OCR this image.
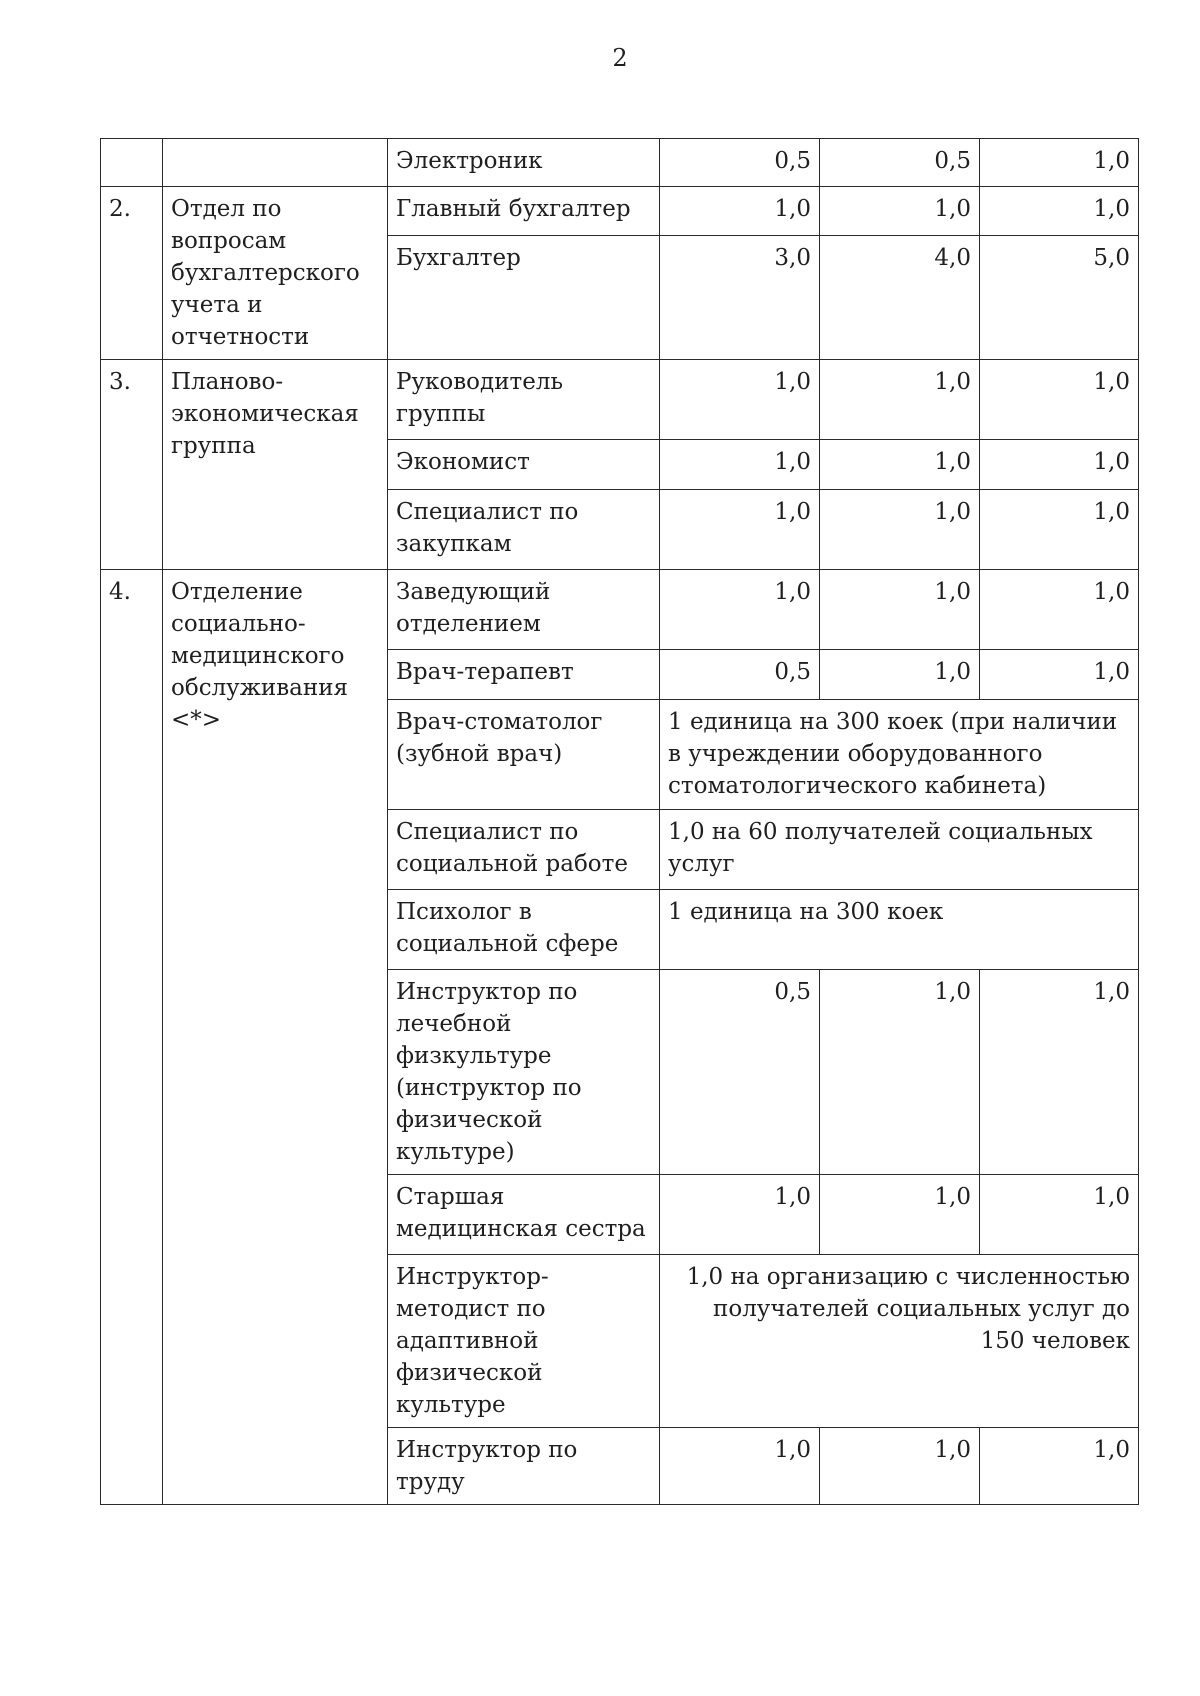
2
		Электроник	0,5	0,5	1,0
2.	Отдел по вопросам бухгалтерского учета и отчетности	Главный бухгалтер	1,0	1,0	1,0
		Бухгалтер	3,0	4,0	5,0
3.	Планово-экономическая группа	Руководитель группы	1,0	1,0	1,0
		Экономист	1,0	1,0	1,0
		Специалист по закупкам	1,0	1,0	1,0
4.	Отделение социально-медицинского обслуживания <*>	Заведующий отделением	1,0	1,0	1,0
		Врач-терапевт	0,5	1,0	1,0
		Врач-стоматолог (зубной врач)	1 единица на 300 коек (при наличии в учреждении оборудованного стоматологического кабинета)		
		Специалист по социальной работе	1,0 на 60 получателей социальных услуг		
		Психолог в социальной сфере	1 единица на 300 коек		
		Инструктор по лечебной физкультуре (инструктор по физической культуре)	0,5	1,0	1,0
		Старшая медицинская сестра	1,0	1,0	1,0
		Инструктор-методист по адаптивной физической культуре	1,0 на организацию с численностью получателей социальных услуг до 150 человек		
		Инструктор по труду	1,0	1,0	1,0
